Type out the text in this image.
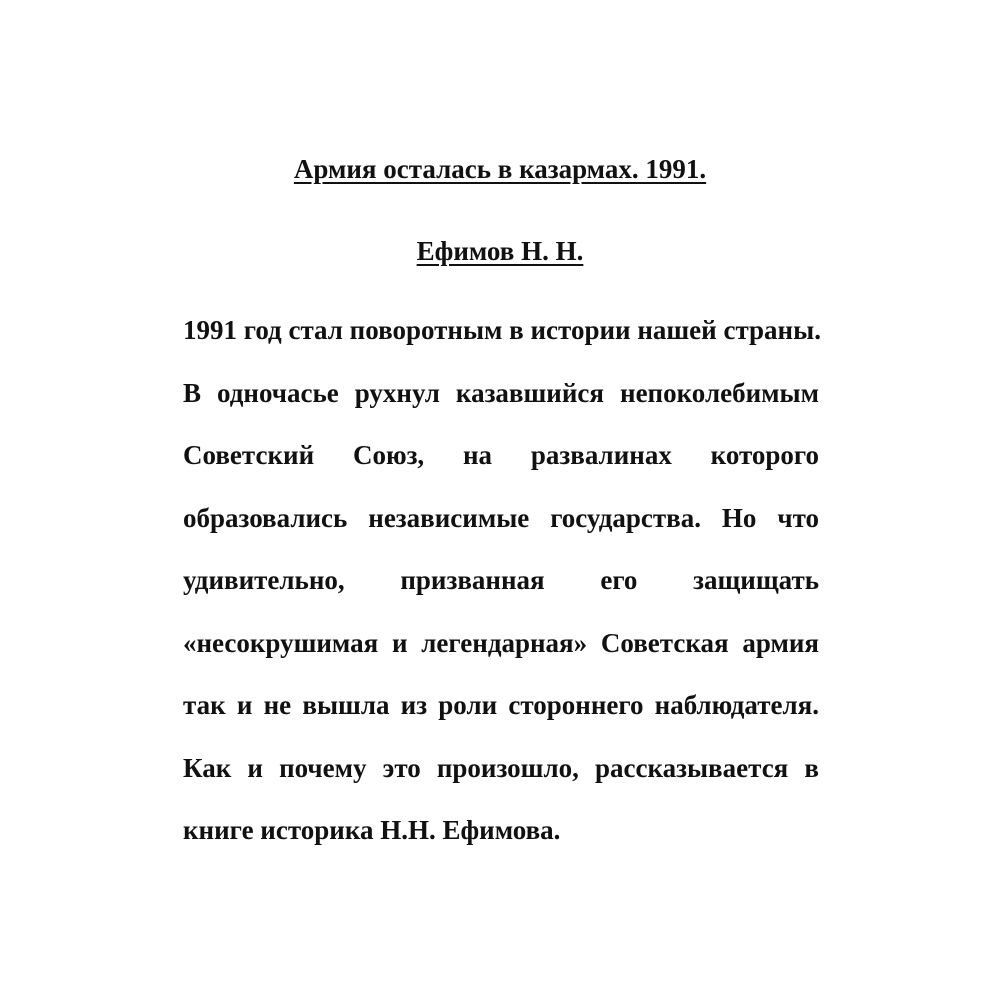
Армия осталась в казармах. 1991.
Ефимов Н. Н.
1991 год стал поворотным в истории нашей страны.
В одночасье рухнул казавшийся непоколебимым
Советский Союз, на развалинах которого
образовались независимые государства. Но что
удивительно, призванная его защищать
«несокрушимая и легендарная» Советская армия
так и не вышла из роли стороннего наблюдателя.
Как и почему это произошло, рассказывается в
книге историка Н.Н. Ефимова.
